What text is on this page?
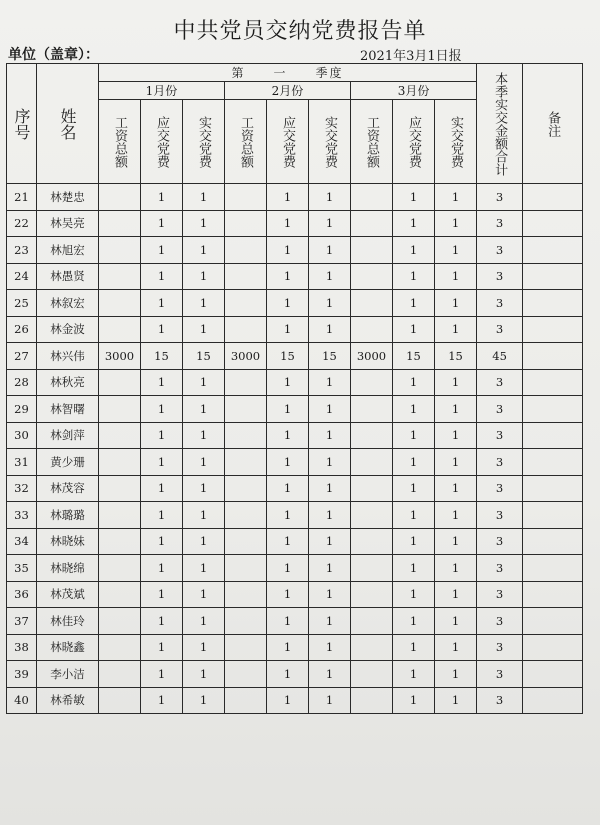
中共党员交纳党费报告单
单位（盖章）：	2021年3月1日报
序号	姓名	第　　一　　季度									本季实交金额合计	备注

		1月份			2月份			3月份				

		工资总额	应交党费	实交党费	工资总额	应交党费	实交党费	工资总额	应交党费	实交党费		

21	林楚忠		1	1		1	1		1	1	3	
22	林吴亮		1	1		1	1		1	1	3	
23	林旭宏		1	1		1	1		1	1	3	
24	林愚贤		1	1		1	1		1	1	3	
25	林叙宏		1	1		1	1		1	1	3	
26	林金波		1	1		1	1		1	1	3	
27	林兴伟	3000	15	15	3000	15	15	3000	15	15	45	
28	林秋亮		1	1		1	1		1	1	3	
29	林智曙		1	1		1	1		1	1	3	
30	林剑萍		1	1		1	1		1	1	3	
31	黄少珊		1	1		1	1		1	1	3	
32	林茂容		1	1		1	1		1	1	3	
33	林璐璐		1	1		1	1		1	1	3	
34	林晓妹		1	1		1	1		1	1	3	
35	林晓绵		1	1		1	1		1	1	3	
36	林茂斌		1	1		1	1		1	1	3	
37	林佳玲		1	1		1	1		1	1	3	
38	林晓鑫		1	1		1	1		1	1	3	
39	李小洁		1	1		1	1		1	1	3	
40	林希敏		1	1		1	1		1	1	3	
